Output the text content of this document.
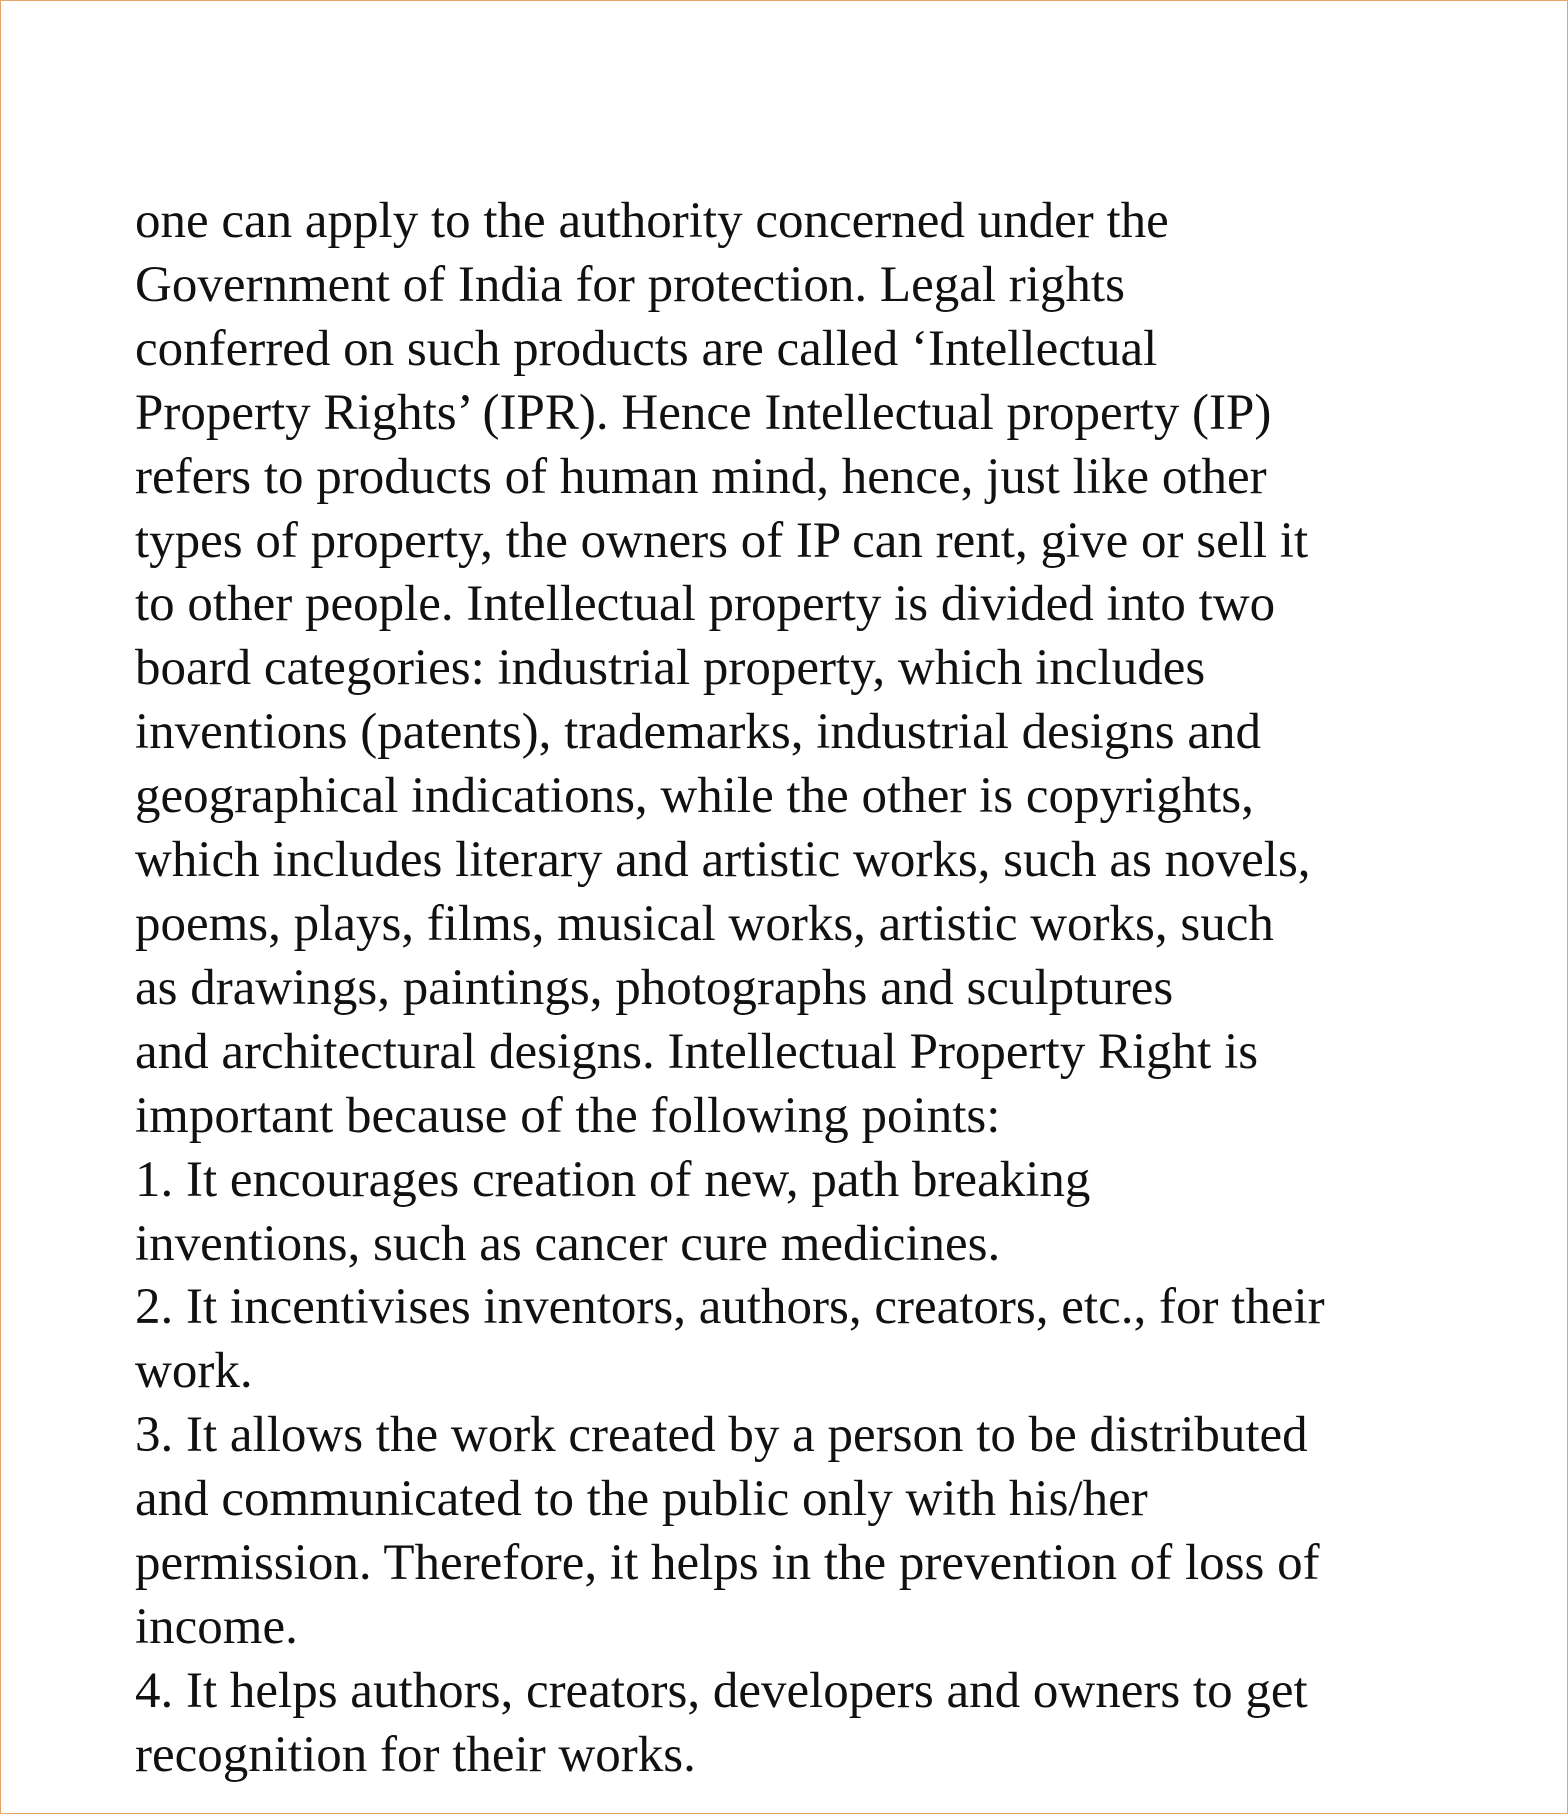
one can apply to the authority concerned under the
Government of India for protection. Legal rights
conferred on such products are called ‘Intellectual
Property Rights’ (IPR). Hence Intellectual property (IP)
refers to products of human mind, hence, just like other
types of property, the owners of IP can rent, give or sell it
to other people. Intellectual property is divided into two
board categories: industrial property, which includes
inventions (patents), trademarks, industrial designs and
geographical indications, while the other is copyrights,
which includes literary and artistic works, such as novels,
poems, plays, films, musical works, artistic works, such
as drawings, paintings, photographs and sculptures
and architectural designs. Intellectual Property Right is
important because of the following points:
1. It encourages creation of new, path breaking
inventions, such as cancer cure medicines.
2. It incentivises inventors, authors, creators, etc., for their
work.
3. It allows the work created by a person to be distributed
and communicated to the public only with his/her
permission. Therefore, it helps in the prevention of loss of
income.
4. It helps authors, creators, developers and owners to get
recognition for their works.
